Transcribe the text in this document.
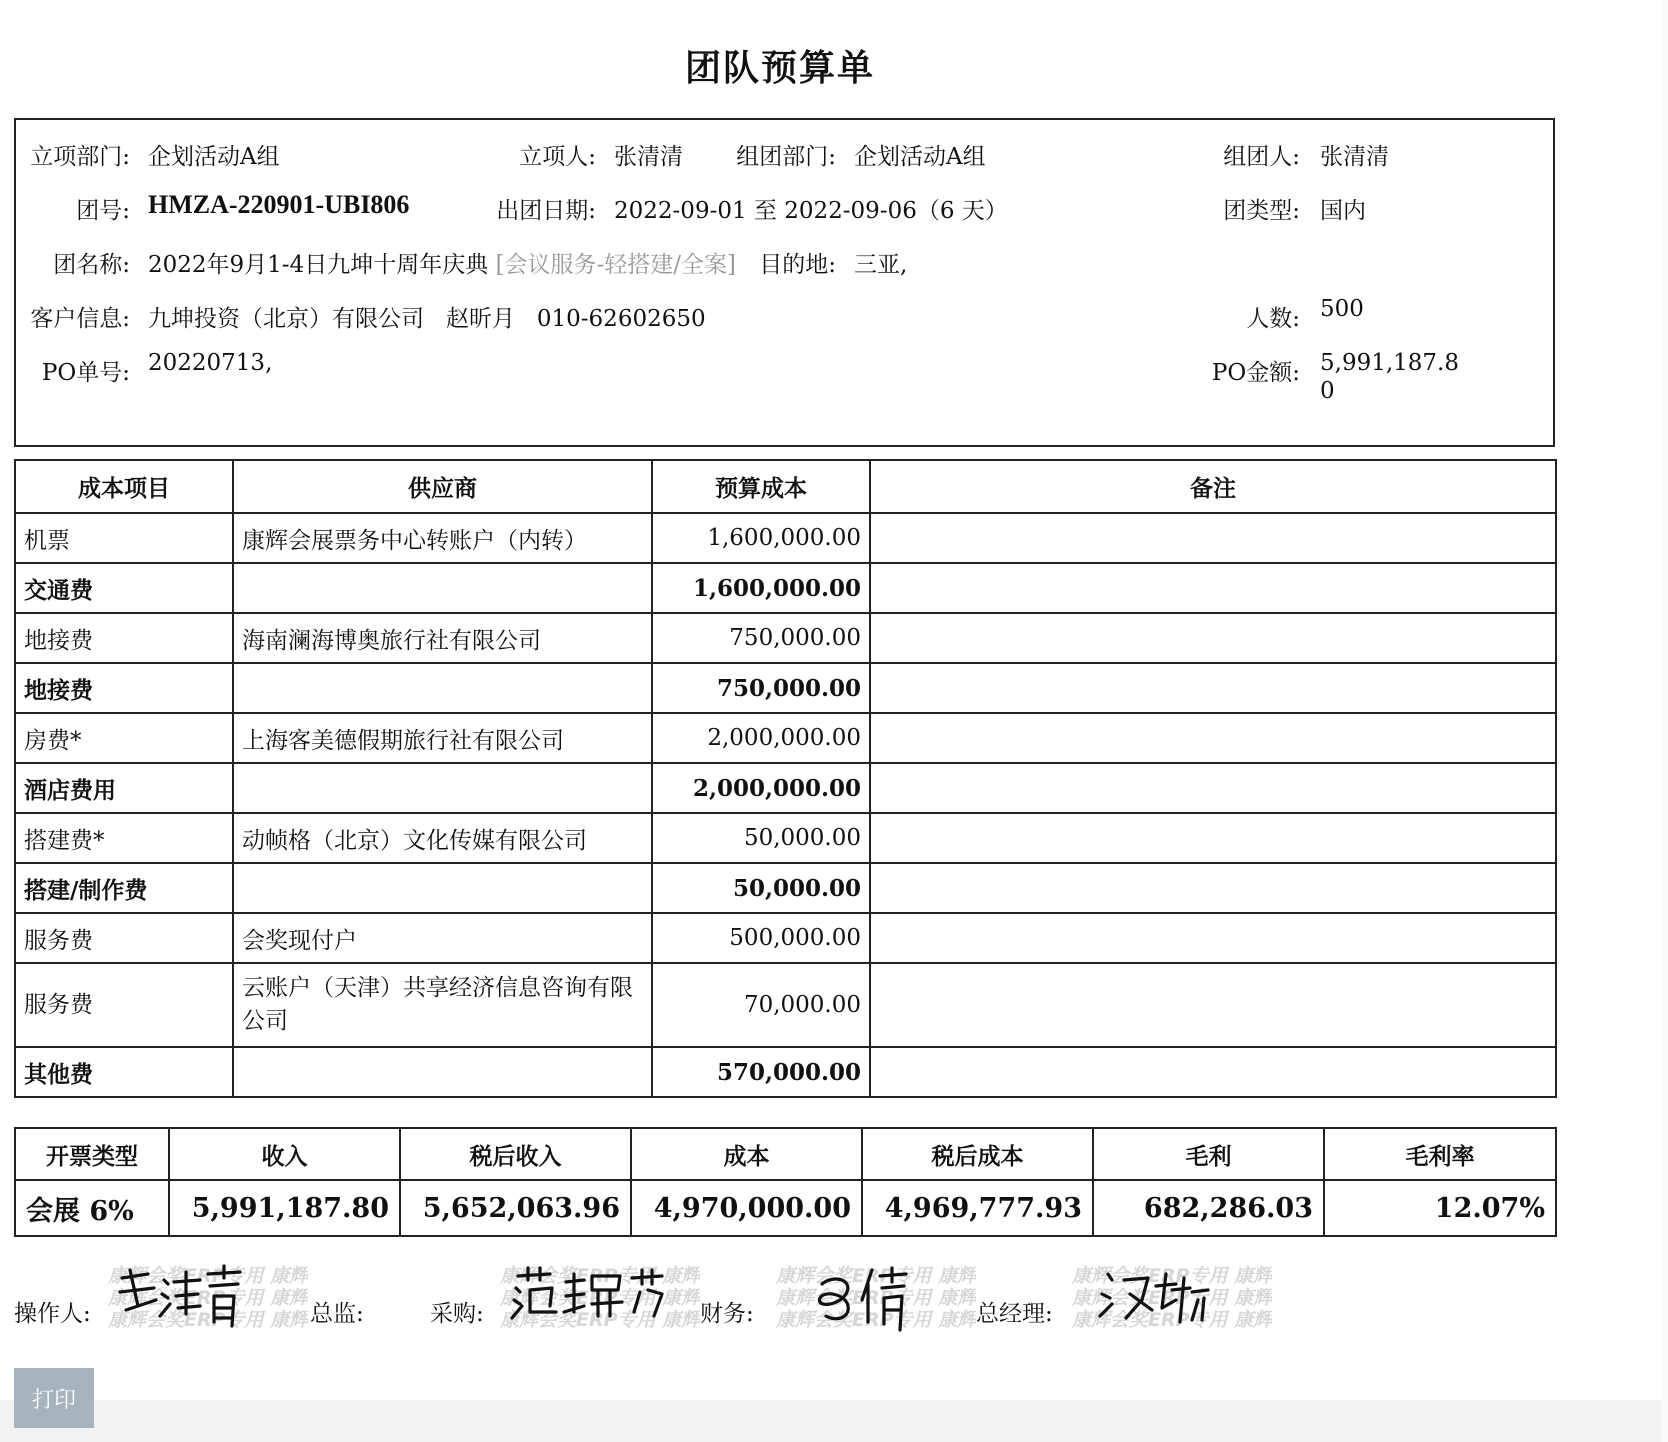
团队预算单
立项部门: 企划活动A组	立项人: 张清清	组团部门: 企划活动A组	组团人: 张清清
团号: HMZA-220901-UBI806	出团日期: 2022-09-01 至 2022-09-06（6 天）	团类型: 国内
团名称: 2022年9月1-4日九坤十周年庆典 [会议服务-轻搭建/全案]	目的地: 三亚,
客户信息: 九坤投资（北京）有限公司 赵昕月 010-62602650	人数: 500
PO单号: 20220713,	PO金额: 5,991,187.8
0
成本项目	供应商	预算成本	备注
机票	康辉会展票务中心转账户（内转）	1,600,000.00	
交通费		1,600,000.00	
地接费	海南澜海博奥旅行社有限公司	750,000.00	
地接费		750,000.00	
房费*	上海客美德假期旅行社有限公司	2,000,000.00	
酒店费用		2,000,000.00	
搭建费*	动帧格（北京）文化传媒有限公司	50,000.00	
搭建/制作费		50,000.00	
服务费	会奖现付户	500,000.00	
服务费	云账户（天津）共享经济信息咨询有限公司	70,000.00	
其他费		570,000.00	
开票类型	收入	税后收入	成本	税后成本	毛利	毛利率
会展 6%	5,991,187.80	5,652,063.96	4,970,000.00	4,969,777.93	682,286.03	12.07%
操作人:
康辉会奖ERP专用 康辉
康辉会奖ERP专用 康辉
康辉会奖ERP专用 康辉 总监:	采购:
康辉会奖ERP专用 康辉
康辉会奖ERP专用 康辉
康辉会奖ERP专用 康辉 财务:
康辉会奖ERP专用 康辉
康辉会奖ERP专用 康辉
康辉会奖ERP专用 康辉 总经理:
康辉会奖ERP专用 康辉
康辉会奖ERP专用 康辉
康辉会奖ERP专用 康辉
打印
